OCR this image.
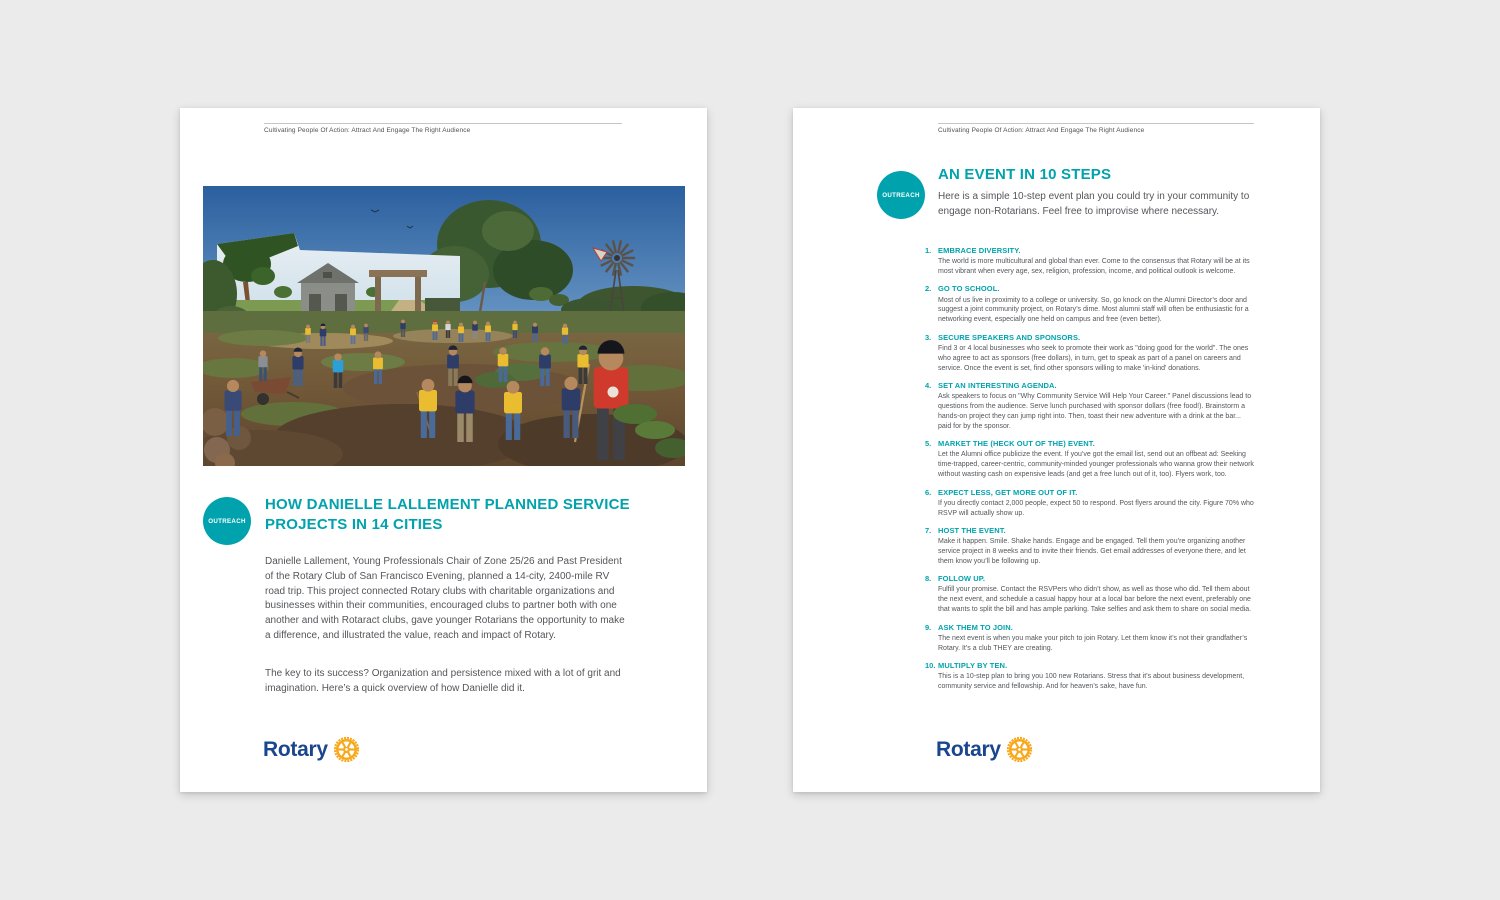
Cultivating People Of Action: Attract And Engage The Right Audience
OUTREACH
HOW DANIELLE LALLEMENT PLANNED SERVICE PROJECTS IN 14 CITIES
Danielle Lallement, Young Professionals Chair of Zone 25/26 and Past President of the Rotary Club of San Francisco Evening, planned a 14-city, 2400-mile RV road trip. This project connected Rotary clubs with charitable organizations and businesses within their communities, encouraged clubs to partner both with one another and with Rotaract clubs, gave younger Rotarians the opportunity to make a difference, and illustrated the value, reach and impact of Rotary.
The key to its success? Organization and persistence mixed with a lot of grit and imagination. Here’s a quick overview of how Danielle did it.
Rotary
Cultivating People Of Action: Attract And Engage The Right Audience
OUTREACH
AN EVENT IN 10 STEPS
Here is a simple 10-step event plan you could try in your community to engage non-Rotarians. Feel free to improvise where necessary.
1. EMBRACE DIVERSITY.
The world is more multicultural and global than ever. Come to the consensus that Rotary will be at its most vibrant when every age, sex, religion, profession, income, and political outlook is welcome.
2. GO TO SCHOOL.
Most of us live in proximity to a college or university. So, go knock on the Alumni Director’s door and suggest a joint community project, on Rotary’s dime. Most alumni staff will often be enthusiastic for a networking event, especially one held on campus and free (even better).
3. SECURE SPEAKERS AND SPONSORS.
Find 3 or 4 local businesses who seek to promote their work as "doing good for the world". The ones who agree to act as sponsors (free dollars), in turn, get to speak as part of a panel on careers and service. Once the event is set, find other sponsors willing to make 'in-kind' donations.
4. SET AN INTERESTING AGENDA.
Ask speakers to focus on "Why Community Service Will Help Your Career." Panel discussions lead to questions from the audience. Serve lunch purchased with sponsor dollars (free food!). Brainstorm a hands-on project they can jump right into. Then, toast their new adventure with a drink at the bar... paid for by the sponsor.
5. MARKET THE (HECK OUT OF THE) EVENT.
Let the Alumni office publicize the event. If you’ve got the email list, send out an offbeat ad: Seeking time-trapped, career-centric, community-minded younger professionals who wanna grow their network without wasting cash on expensive leads (and get a free lunch out of it, too). Flyers work, too.
6. EXPECT LESS, GET MORE OUT OF IT.
If you directly contact 2,000 people, expect 50 to respond. Post flyers around the city. Figure 70% who RSVP will actually show up.
7. HOST THE EVENT.
Make it happen. Smile. Shake hands. Engage and be engaged. Tell them you’re organizing another service project in 8 weeks and to invite their friends. Get email addresses of everyone there, and let them know you’ll be following up.
8. FOLLOW UP.
Fulfill your promise. Contact the RSVPers who didn’t show, as well as those who did. Tell them about the next event, and schedule a casual happy hour at a local bar before the next event, preferably one that wants to split the bill and has ample parking. Take selfies and ask them to share on social media.
9. ASK THEM TO JOIN.
The next event is when you make your pitch to join Rotary. Let them know it’s not their grandfather’s Rotary. It’s a club THEY are creating.
10. MULTIPLY BY TEN.
This is a 10-step plan to bring you 100 new Rotarians. Stress that it’s about business development, community service and fellowship. And for heaven’s sake, have fun.
Rotary
